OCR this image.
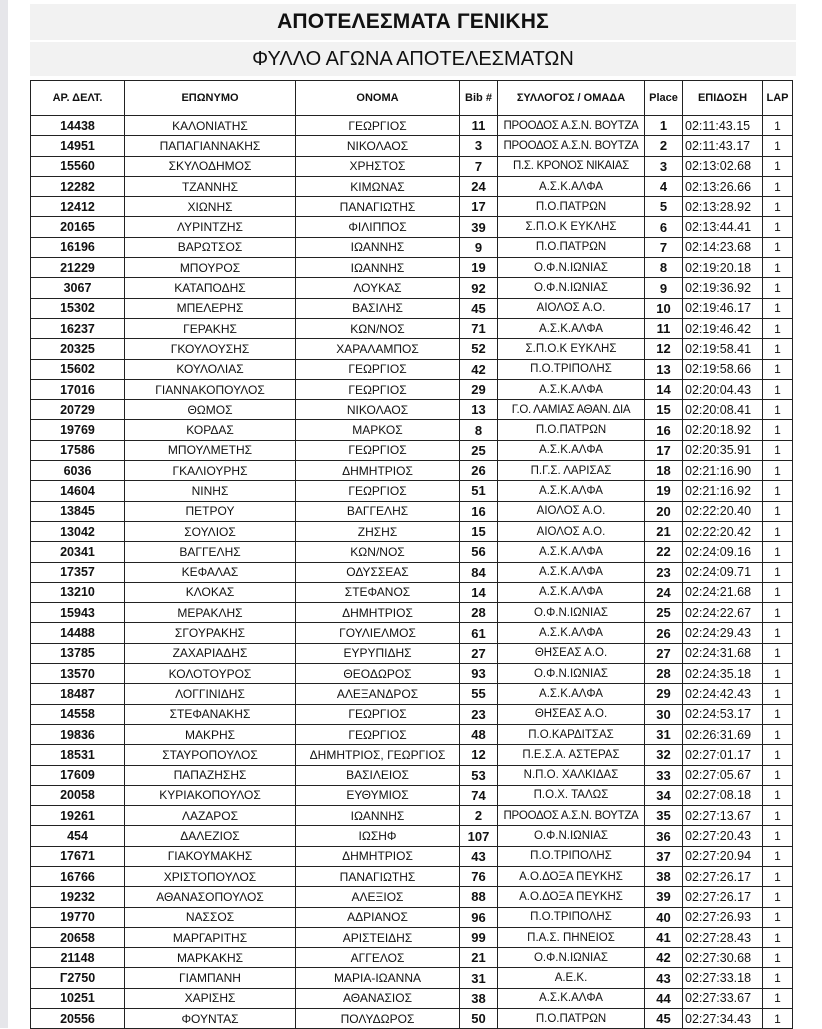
ΑΠΟΤΕΛΕΣΜΑΤΑ ΓΕΝΙΚΗΣ
ΦΥΛΛΟ ΑΓΩΝΑ ΑΠΟΤΕΛΕΣΜΑΤΩΝ
ΑΡ. ΔΕΛΤ.	ΕΠΩΝΥΜΟ	ΟΝΟΜΑ	Bib #	ΣΥΛΛΟΓΟΣ / ΟΜΑΔΑ	Place	ΕΠΙΔΟΣΗ	LAP
14438	ΚΑΛΟΝΙΑΤΗΣ	ΓΕΩΡΓΙΟΣ	11	ΠΡΟΟΔΟΣ Α.Σ.Ν. ΒΟΥΤΖΑ	1	02:11:43.15	1
14951	ΠΑΠΑΓΙΑΝΝΑΚΗΣ	ΝΙΚΟΛΑΟΣ	3	ΠΡΟΟΔΟΣ Α.Σ.Ν. ΒΟΥΤΖΑ	2	02:11:43.17	1
15560	ΣΚΥΛΟΔΗΜΟΣ	ΧΡΗΣΤΟΣ	7	Π.Σ. ΚΡΟΝΟΣ ΝΙΚΑΙΑΣ	3	02:13:02.68	1
12282	ΤΖΑΝΝΗΣ	ΚΙΜΩΝΑΣ	24	Α.Σ.Κ.ΑΛΦΑ	4	02:13:26.66	1
12412	ΧΙΩΝΗΣ	ΠΑΝΑΓΙΩΤΗΣ	17	Π.Ο.ΠΑΤΡΩΝ	5	02:13:28.92	1
20165	ΛΥΡΙΝΤΖΗΣ	ΦΙΛΙΠΠΟΣ	39	Σ.Π.Ο.Κ ΕΥΚΛΗΣ	6	02:13:44.41	1
16196	ΒΑΡΩΤΣΟΣ	ΙΩΑΝΝΗΣ	9	Π.Ο.ΠΑΤΡΩΝ	7	02:14:23.68	1
21229	ΜΠΟΥΡΟΣ	ΙΩΑΝΝΗΣ	19	Ο.Φ.Ν.ΙΩΝΙΑΣ	8	02:19:20.18	1
3067	ΚΑΤΑΠΟΔΗΣ	ΛΟΥΚΑΣ	92	Ο.Φ.Ν.ΙΩΝΙΑΣ	9	02:19:36.92	1
15302	ΜΠΕΛΕΡΗΣ	ΒΑΣΙΛΗΣ	45	ΑΙΟΛΟΣ Α.Ο.	10	02:19:46.17	1
16237	ΓΕΡΑΚΗΣ	ΚΩΝ/ΝΟΣ	71	Α.Σ.Κ.ΑΛΦΑ	11	02:19:46.42	1
20325	ΓΚΟΥΛΟΥΣΗΣ	ΧΑΡΑΛΑΜΠΟΣ	52	Σ.Π.Ο.Κ ΕΥΚΛΗΣ	12	02:19:58.41	1
15602	ΚΟΥΛΟΛΙΑΣ	ΓΕΩΡΓΙΟΣ	42	Π.Ο.ΤΡΙΠΟΛΗΣ	13	02:19:58.66	1
17016	ΓΙΑΝΝΑΚΟΠΟΥΛΟΣ	ΓΕΩΡΓΙΟΣ	29	Α.Σ.Κ.ΑΛΦΑ	14	02:20:04.43	1
20729	ΘΩΜΟΣ	ΝΙΚΟΛΑΟΣ	13	Γ.Ο. ΛΑΜΙΑΣ ΑΘΑΝ. ΔΙΑ	15	02:20:08.41	1
19769	ΚΟΡΔΑΣ	ΜΑΡΚΟΣ	8	Π.Ο.ΠΑΤΡΩΝ	16	02:20:18.92	1
17586	ΜΠΟΥΛΜΕΤΗΣ	ΓΕΩΡΓΙΟΣ	25	Α.Σ.Κ.ΑΛΦΑ	17	02:20:35.91	1
6036	ΓΚΑΛΙΟΥΡΗΣ	ΔΗΜΗΤΡΙΟΣ	26	Π.Γ.Σ. ΛΑΡΙΣΑΣ	18	02:21:16.90	1
14604	ΝΙΝΗΣ	ΓΕΩΡΓΙΟΣ	51	Α.Σ.Κ.ΑΛΦΑ	19	02:21:16.92	1
13845	ΠΕΤΡΟΥ	ΒΑΓΓΕΛΗΣ	16	ΑΙΟΛΟΣ Α.Ο.	20	02:22:20.40	1
13042	ΣΟΥΛΙΟΣ	ΖΗΣΗΣ	15	ΑΙΟΛΟΣ Α.Ο.	21	02:22:20.42	1
20341	ΒΑΓΓΕΛΗΣ	ΚΩΝ/ΝΟΣ	56	Α.Σ.Κ.ΑΛΦΑ	22	02:24:09.16	1
17357	ΚΕΦΑΛΑΣ	ΟΔΥΣΣΕΑΣ	84	Α.Σ.Κ.ΑΛΦΑ	23	02:24:09.71	1
13210	ΚΛΟΚΑΣ	ΣΤΕΦΑΝΟΣ	14	Α.Σ.Κ.ΑΛΦΑ	24	02:24:21.68	1
15943	ΜΕΡΑΚΛΗΣ	ΔΗΜΗΤΡΙΟΣ	28	Ο.Φ.Ν.ΙΩΝΙΑΣ	25	02:24:22.67	1
14488	ΣΓΟΥΡΑΚΗΣ	ΓΟΥΛΙΕΛΜΟΣ	61	Α.Σ.Κ.ΑΛΦΑ	26	02:24:29.43	1
13785	ΖΑΧΑΡΙΑΔΗΣ	ΕΥΡΥΠΙΔΗΣ	27	ΘΗΣΕΑΣ Α.Ο.	27	02:24:31.68	1
13570	ΚΟΛΟΤΟΥΡΟΣ	ΘΕΟΔΩΡΟΣ	93	Ο.Φ.Ν.ΙΩΝΙΑΣ	28	02:24:35.18	1
18487	ΛΟΓΓΙΝΙΔΗΣ	ΑΛΕΞΑΝΔΡΟΣ	55	Α.Σ.Κ.ΑΛΦΑ	29	02:24:42.43	1
14558	ΣΤΕΦΑΝΑΚΗΣ	ΓΕΩΡΓΙΟΣ	23	ΘΗΣΕΑΣ Α.Ο.	30	02:24:53.17	1
19836	ΜΑΚΡΗΣ	ΓΕΩΡΓΙΟΣ	48	Π.Ο.ΚΑΡΔΙΤΣΑΣ	31	02:26:31.69	1
18531	ΣΤΑΥΡΟΠΟΥΛΟΣ	ΔΗΜΗΤΡΙΟΣ, ΓΕΩΡΓΙΟΣ	12	Π.Ε.Σ.Α. ΑΣΤΕΡΑΣ	32	02:27:01.17	1
17609	ΠΑΠΑΖΗΣΗΣ	ΒΑΣΙΛΕΙΟΣ	53	Ν.Π.Ο. ΧΑΛΚΙΔΑΣ	33	02:27:05.67	1
20058	ΚΥΡΙΑΚΟΠΟΥΛΟΣ	ΕΥΘΥΜΙΟΣ	74	Π.Ο.Χ. ΤΑΛΩΣ	34	02:27:08.18	1
19261	ΛΑΖΑΡΟΣ	ΙΩΑΝΝΗΣ	2	ΠΡΟΟΔΟΣ Α.Σ.Ν. ΒΟΥΤΖΑ	35	02:27:13.67	1
454	ΔΑΛΕΖΙΟΣ	ΙΩΣΗΦ	107	Ο.Φ.Ν.ΙΩΝΙΑΣ	36	02:27:20.43	1
17671	ΓΙΑΚΟΥΜΑΚΗΣ	ΔΗΜΗΤΡΙΟΣ	43	Π.Ο.ΤΡΙΠΟΛΗΣ	37	02:27:20.94	1
16766	ΧΡΙΣΤΟΠΟΥΛΟΣ	ΠΑΝΑΓΙΩΤΗΣ	76	Α.Ο.ΔΟΞΑ ΠΕΥΚΗΣ	38	02:27:26.17	1
19232	ΑΘΑΝΑΣΟΠΟΥΛΟΣ	ΑΛΕΞΙΟΣ	88	Α.Ο.ΔΟΞΑ ΠΕΥΚΗΣ	39	02:27:26.17	1
19770	ΝΑΣΣΟΣ	ΑΔΡΙΑΝΟΣ	96	Π.Ο.ΤΡΙΠΟΛΗΣ	40	02:27:26.93	1
20658	ΜΑΡΓΑΡΙΤΗΣ	ΑΡΙΣΤΕΙΔΗΣ	99	Π.Α.Σ. ΠΗΝΕΙΟΣ	41	02:27:28.43	1
21148	ΜΑΡΚΑΚΗΣ	ΑΓΓΕΛΟΣ	21	Ο.Φ.Ν.ΙΩΝΙΑΣ	42	02:27:30.68	1
Γ2750	ΓΙΑΜΠΑΝΗ	ΜΑΡΙΑ-ΙΩΑΝΝΑ	31	Α.Ε.Κ.	43	02:27:33.18	1
10251	ΧΑΡΙΣΗΣ	ΑΘΑΝΑΣΙΟΣ	38	Α.Σ.Κ.ΑΛΦΑ	44	02:27:33.67	1
20556	ΦΟΥΝΤΑΣ	ΠΟΛΥΔΩΡΟΣ	50	Π.Ο.ΠΑΤΡΩΝ	45	02:27:34.43	1
